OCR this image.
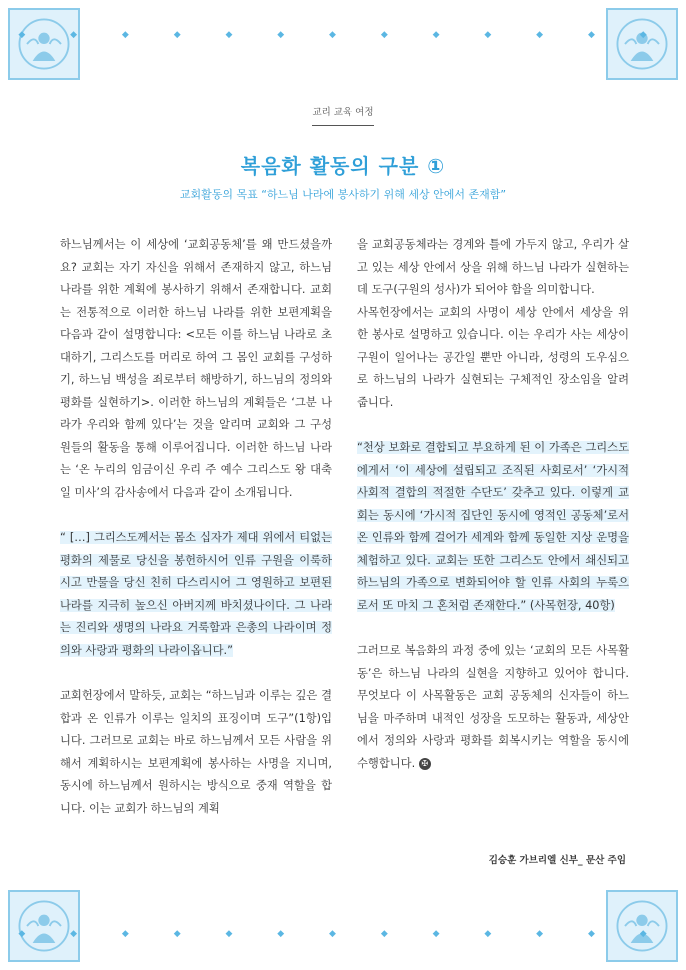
◆ ◆ ◆ ◆ ◆ ◆ ◆ ◆ ◆ ◆ ◆ ◆ ◆
◆ ◆ ◆ ◆ ◆ ◆ ◆ ◆ ◆ ◆ ◆ ◆ ◆
교리 교육 여정
복음화 활동의 구분 ①
교회활동의 목표 “하느님 나라에 봉사하기 위해 세상 안에서 존재함”

하느님께서는 이 세상에 ‘교회공동체’를 왜 만드셨을까요? 교회는 자기 자신을 위해서 존재하지 않고, 하느님 나라를 위한 계획에 봉사하기 위해서 존재합니다. 교회는 전통적으로 이러한 하느님 나라를 위한 보편계획을 다음과 같이 설명합니다: <모든 이를 하느님 나라로 초대하기, 그리스도를 머리로 하여 그 몸인 교회를 구성하기, 하느님 백성을 죄로부터 해방하기, 하느님의 정의와 평화를 실현하기>. 이러한 하느님의 계획들은 ‘그분 나라가 우리와 함께 있다’는 것을 알리며 교회와 그 구성원들의 활동을 통해 이루어집니다. 이러한 하느님 나라는 ‘온 누리의 임금이신 우리 주 예수 그리스도 왕 대축일 미사’의 감사송에서 다음과 같이 소개됩니다.

“ […] 그리스도께서는 몸소 십자가 제대 위에서 티없는 평화의 제물로 당신을 봉헌하시어 인류 구원을 이룩하시고 만물을 당신 친히 다스리시어 그 영원하고 보편된 나라를 지극히 높으신 아버지께 바치셨나이다. 그 나라는 진리와 생명의 나라요 거룩함과 은총의 나라이며 정의와 사랑과 평화의 나라이옵니다.”

교회헌장에서 말하듯, 교회는 “하느님과 이루는 깊은 결합과 온 인류가 이루는 일치의 표징이며 도구”(1항)입니다. 그러므로 교회는 바로 하느님께서 모든 사람을 위해서 계획하시는 보편계획에 봉사하는 사명을 지니며, 동시에 하느님께서 원하시는 방식으로 중재 역할을 합니다. 이는 교회가 하느님의 계획

을 교회공동체라는 경계와 틀에 가두지 않고, 우리가 살고 있는 세상 안에서 상을 위해 하느님 나라가 실현하는 데 도구(구원의 성사)가 되어야 함을 의미합니다.

사목헌장에서는 교회의 사명이 세상 안에서 세상을 위한 봉사로 설명하고 있습니다. 이는 우리가 사는 세상이 구원이 일어나는 공간일 뿐만 아니라, 성령의 도우심으로 하느님의 나라가 실현되는 구체적인 장소임을 알려 줍니다.

“천상 보화로 결합되고 부요하게 된 이 가족은 그리스도에게서 ‘이 세상에 설립되고 조직된 사회로서’ ‘가시적 사회적 결합의 적절한 수단도’ 갖추고 있다. 이렇게 교회는 동시에 ‘가시적 집단인 동시에 영적인 공동체’로서 온 인류와 함께 걸어가 세계와 함께 동일한 지상 운명을 체험하고 있다. 교회는 또한 그리스도 안에서 쇄신되고 하느님의 가족으로 변화되어야 할 인류 사회의 누룩으로서 또 마치 그 혼처럼 존재한다.” (사목헌장, 40항)

그러므로 복음화의 과정 중에 있는 ‘교회의 모든 사목활동’은 하느님 나라의 실현을 지향하고 있어야 합니다. 무엇보다 이 사목활동은 교회 공동체의 신자들이 하느님을 마주하며 내적인 성장을 도모하는 활동과, 세상안에서 정의와 사랑과 평화를 회복시키는 역할을 동시에 수행합니다. ✠

김승훈 가브리엘 신부_ 문산 주임
